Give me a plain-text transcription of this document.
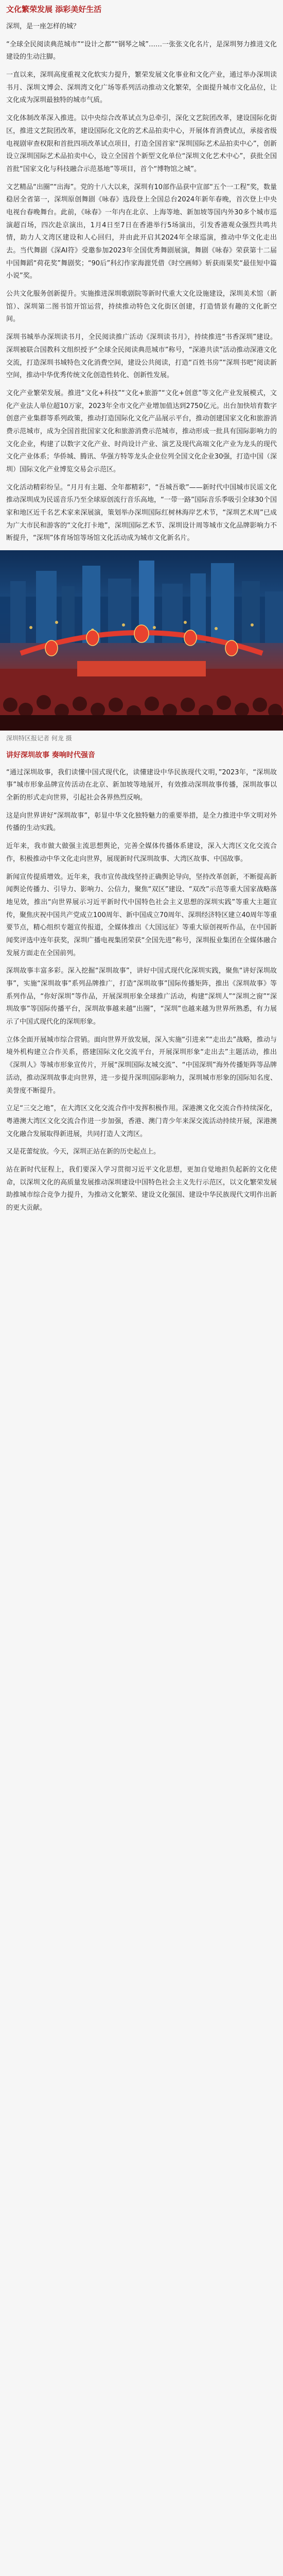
文化繁荣发展 添彩美好生活

深圳，是一座怎样的城？

“全球全民阅读典范城市”“设计之都”“钢琴之城”……一张张文化名片，是深圳努力推进文化建设的生动注脚。

一直以来，深圳高度重视文化软实力提升，繁荣发展文化事业和文化产业，通过举办深圳读书月、深圳文博会、深圳湾文化广场等系列活动推动文化繁荣，全面提升城市文化品位，让文化成为深圳最独特的城市气质。

文化体制改革深入推进。以中央综合改革试点为总牵引，深化文艺院团改革，建设国际化街区，推进文艺院团改革，建设国际化文化的艺术品拍卖中心，开展体育消费试点，承接省级电视剧审查权限和首批四项改革试点项目，打造全国首家“深圳国际艺术品拍卖中心”，创新设立深圳国际艺术品拍卖中心，设立全国首个新型文化单位“深圳文化艺术中心”，获批全国首批“国家文化与科技融合示范基地”等项目，首个“博物馆之城”。

文艺精品“出圈”“出海”。党的十八大以来，深圳有10部作品获中宣部“五个一工程”奖，数量稳居全省第一，深圳原创舞剧《咏春》选段登上全国总台2024年新年春晚，首次登上中央电视台春晚舞台。此前，《咏春》一年内在北京、上海等地、新加坡等国内外30多个城市巡演超百场，四次赴京演出，1月4日至7日在香港举行5场演出，引发香港观众强烈共鸣共情，助力人文湾区建设和人心回归，并由此开启其2024年全球巡演，推动中华文化走出去。当代舞剧《深AI符》受邀参加2023年全国优秀舞剧展演，舞剧《咏春》荣获第十二届中国舞蹈“荷花奖”舞剧奖；“90后”科幻作家海漄凭借《时空画师》斩获雨果奖“最佳短中篇小说”奖。

公共文化服务创新提升。实施推进深圳歌剧院等新时代重大文化设施建设，深圳美术馆（新馆）、深圳第二图书馆开馆运营，持续推动特色文化街区创建，打造情景有趣的文化新空间。

深圳书城举办深圳读书月，全民阅读推广活动《深圳读书月》，持续推进“书香深圳”建设。深圳被联合国教科文组织授予“全球全民阅读典范城市”称号，“深港共读”活动推动深港文化交流，打造深圳书城特色文化消费空间，建设公共阅读，打造“百姓书房”“深圳书吧”阅读新空间，推动中华优秀传统文化创造性转化、创新性发展。

文化产业繁荣发展。推进“文化+科技”“文化+旅游”“文化+创意”等文化产业发展模式，文化产业法人单位超10万家，2023年全市文化产业增加值达到2750亿元。出台加快培育数字创意产业集群等系列政策，推动打造国际化文化产品展示平台，推动创建国家文化和旅游消费示范城市，成为全国首批国家文化和旅游消费示范城市，推动形成一批具有国际影响力的文化企业，构建了以数字文化产业、时尚设计产业、演艺及现代高端文化产业为龙头的现代文化产业体系；华侨城、腾讯、华强方特等龙头企业位列全国文化企业30强，打造中国（深圳）国际文化产业博览交易会示范区。

文化活动精彩纷呈。“月月有主题、全年都精彩”，“吾城吾歌”——新时代中国城市民谣文化推动深圳成为民谣音乐乃至全球原创流行音乐高地，“一带一路”国际音乐季吸引全球30个国家和地区近千名艺术家来深展演，策划举办深圳国际红树林海岸艺术节，“深圳艺术周”已成为广大市民和游客的“文化打卡地”，深圳国际艺术节、深圳设计周等城市文化品牌影响力不断提升，“深圳”体育场馆等场馆文化活动成为城市文化新名片。

深圳特区报记者 何龙 摄
讲好深圳故事 奏响时代强音

“通过深圳故事，我们读懂中国式现代化，读懂建设中华民族现代文明，”2023年，“深圳故事”城市形象品牌宣传活动在北京、新加坡等地展开，有效推动深圳故事传播，深圳故事以全新的形式走向世界，引起社会各界热烈反响。

这是向世界讲好“深圳故事”，彰显中华文化独特魅力的重要举措，是全力推进中华文明对外传播的生动实践。

近年来，我市做大做强主流思想舆论，完善全媒体传播体系建设，深入大湾区文化交流合作，积极推动中华文化走向世界，展现新时代深圳故事、大湾区故事、中国故事。

新闻宣传提质增效。近年来，我市宣传战线坚持正确舆论导向，坚持改革创新，不断提高新闻舆论传播力、引导力、影响力、公信力，聚焦“双区”建设、“双改”示范等重大国家战略落地见效，推出“向世界展示习近平新时代中国特色社会主义思想的深圳实践”等重大主题宣传，聚焦庆祝中国共产党成立100周年、新中国成立70周年、深圳经济特区建立40周年等重要节点，精心组织专题宣传报道，全媒体推出《大国远征》等重大原创视听作品，在中国新闻奖评选中连年获奖，深圳广播电视集团荣获“全国先进”称号，深圳报业集团在全媒体融合发展方面走在全国前列。

深圳故事丰富多彩。深入挖掘“深圳故事”，讲好中国式现代化深圳实践，聚焦“讲好深圳故事”，实施“深圳故事”系列品牌推广，打造“深圳故事”国际传播矩阵，推出《深圳故事》等系列作品，“你好深圳”等作品，开展深圳形象全球推广活动，构建“深圳人”“深圳之窗”“深圳故事”等国际传播平台，深圳故事越来越“出圈”，“深圳”也越来越为世界所熟悉，有力展示了中国式现代化的深圳形象。

立体全面开展城市综合营销。面向世界开放发展，深入实施“引进来”“走出去”战略，推动与境外机构建立合作关系，搭建国际文化交流平台，开展深圳形象“走出去”主题活动，推出《深圳人》等城市形象宣传片，开展“深圳国际友城交流”、“中国深圳”海外传播矩阵等品牌活动，推动深圳故事走向世界，进一步提升深圳国际影响力，深圳城市形象的国际知名度、美誉度不断提升。

立足“三交之地”，在大湾区文化交流合作中发挥积极作用。深港澳文化交流合作持续深化，粤港澳大湾区文化交流合作进一步加强，香港、澳门青少年来深交流活动持续开展，深港澳文化融合发展取得新进展，共同打造人文湾区。

又是花蕾绽放。今天，深圳正站在新的历史起点上。

站在新时代征程上，我们要深入学习贯彻习近平文化思想，更加自觉地担负起新的文化使命，以深圳文化的高质量发展推动深圳建设中国特色社会主义先行示范区，以文化繁荣发展助推城市综合竞争力提升，为推动文化繁荣、建设文化强国、建设中华民族现代文明作出新的更大贡献。
